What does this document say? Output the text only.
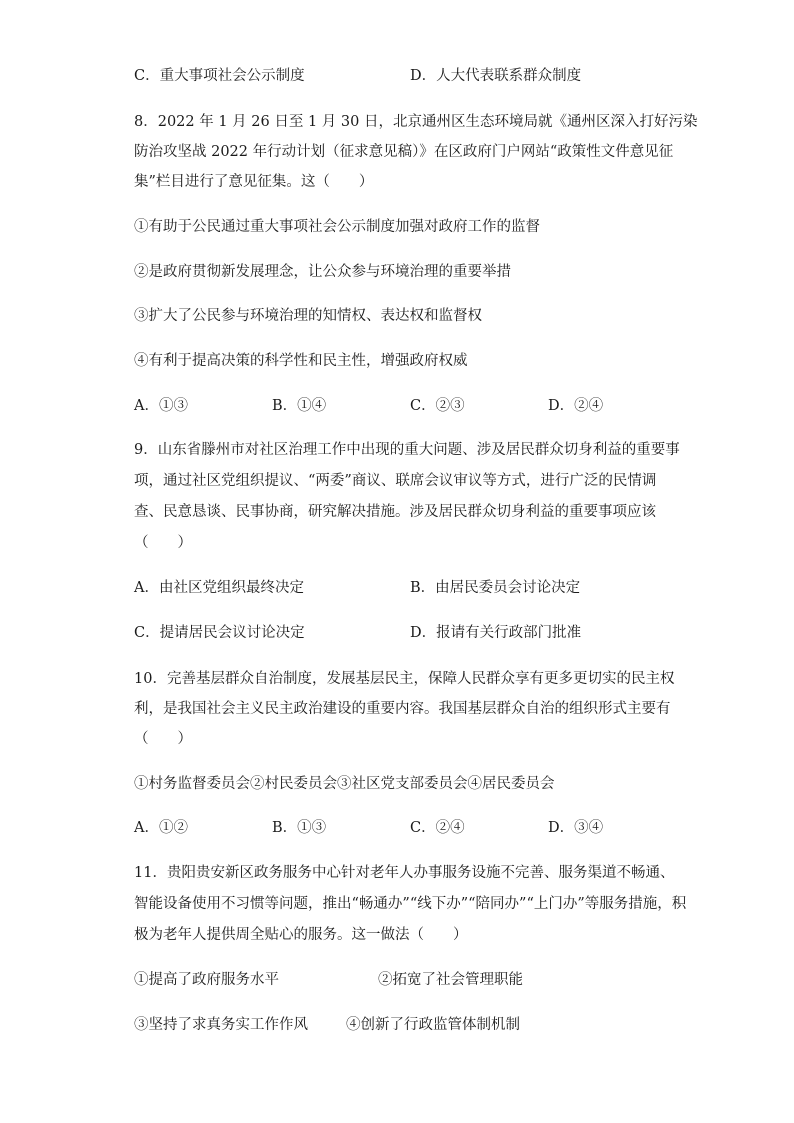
C．重大事项社会公示制度	D．人大代表联系群众制度
8．2022 年 1 月 26 日至 1 月 30 日，北京通州区生态环境局就《通州区深入打好污染
防治攻坚战 2022 年行动计划（征求意见稿）》在区政府门户网站“政策性文件意见征
集”栏目进行了意见征集。这（　　）
①有助于公民通过重大事项社会公示制度加强对政府工作的监督
②是政府贯彻新发展理念，让公众参与环境治理的重要举措
③扩大了公民参与环境治理的知情权、表达权和监督权
④有利于提高决策的科学性和民主性，增强政府权威
A．①③	B．①④	C．②③	D．②④
9．山东省滕州市对社区治理工作中出现的重大问题、涉及居民群众切身利益的重要事
项，通过社区党组织提议、“两委”商议、联席会议审议等方式，进行广泛的民情调
查、民意恳谈、民事协商，研究解决措施。涉及居民群众切身利益的重要事项应该
（　　）
A．由社区党组织最终决定	B．由居民委员会讨论决定
C．提请居民会议讨论决定	D．报请有关行政部门批准
10．完善基层群众自治制度，发展基层民主，保障人民群众享有更多更切实的民主权
利，是我国社会主义民主政治建设的重要内容。我国基层群众自治的组织形式主要有
（　　）
①村务监督委员会②村民委员会③社区党支部委员会④居民委员会
A．①②	B．①③	C．②④	D．③④
11．贵阳贵安新区政务服务中心针对老年人办事服务设施不完善、服务渠道不畅通、
智能设备使用不习惯等问题，推出“畅通办”“线下办”“陪同办”“上门办”等服务措施，积
极为老年人提供周全贴心的服务。这一做法（　　）
①提高了政府服务水平	②拓宽了社会管理职能
③坚持了求真务实工作作风	④创新了行政监管体制机制
